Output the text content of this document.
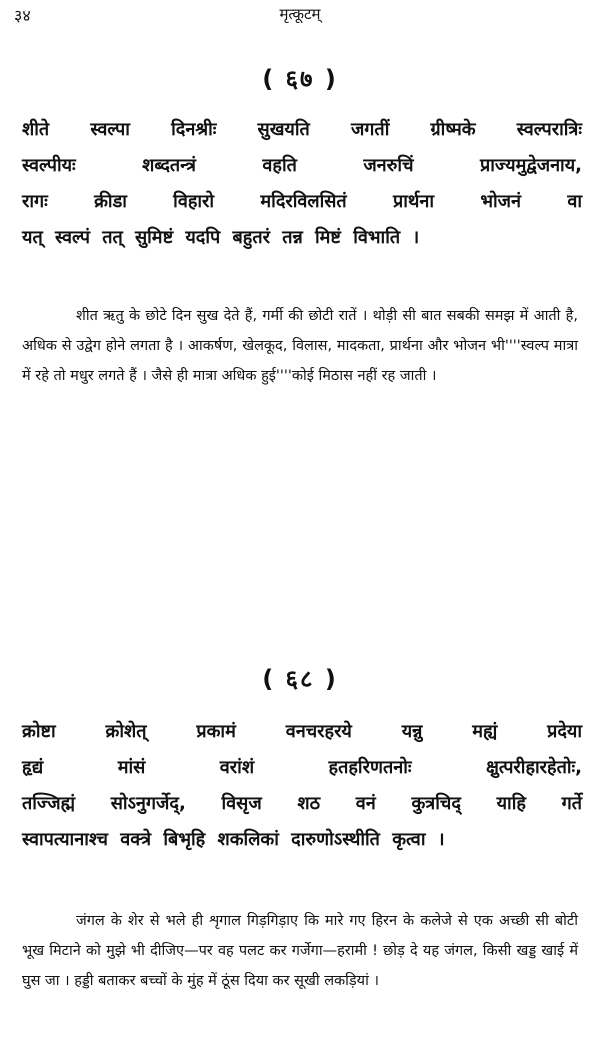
३४	मृत्कूटम्
( ६७ )
शीते स्वल्पा दिनश्रीः सुखयति जगतीं ग्रीष्मके स्वल्परात्रिः
स्वल्पीयः शब्दतन्त्रं वहति जनरुचिं प्राज्यमुद्वेजनाय,
रागः क्रीडा विहारो मदिरविलसितं प्रार्थना भोजनं वा
यत् स्वल्पं तत् सुमिष्टं यदपि बहुतरं तन्न मिष्टं विभाति ।
शीत ऋतु के छोटे दिन सुख देते हैं, गर्मी की छोटी रातें । थोड़ी सी बात सबकी समझ में आती है, अधिक से उद्वेग होने लगता है । आकर्षण, खेलकूद, विलास, मादकता, प्रार्थना और भोजन भी''''स्वल्प मात्रा में रहे तो मधुर लगते हैं । जैसे ही मात्रा अधिक हुई''''कोई मिठास नहीं रह जाती ।
( ६८ )
क्रोष्टा क्रोशेत् प्रकामं वनचरहरये यन्नु मह्यं प्रदेया
हृद्यं मांसं वरांशं हतहरिणतनोः क्षुत्परीहारहेतोः,
तज्जिह्मं सोऽनुगर्जेद्, विसृज शठ वनं कुत्रचिद् याहि गर्ते
स्वापत्यानाश्च वक्त्रे बिभृहि शकलिकां दारुणोऽस्थीति कृत्वा ।
जंगल के शेर से भले ही शृगाल गिड़गिड़ाए कि मारे गए हिरन के कलेजे से एक अच्छी सी बोटी भूख मिटाने को मुझे भी दीजिए—पर वह पलट कर गर्जेगा—हरामी ! छोड़ दे यह जंगल, किसी खड्ड खाई में घुस जा । हड्डी बताकर बच्चों के मुंह में ठूंस दिया कर सूखी लकड़ियां ।
